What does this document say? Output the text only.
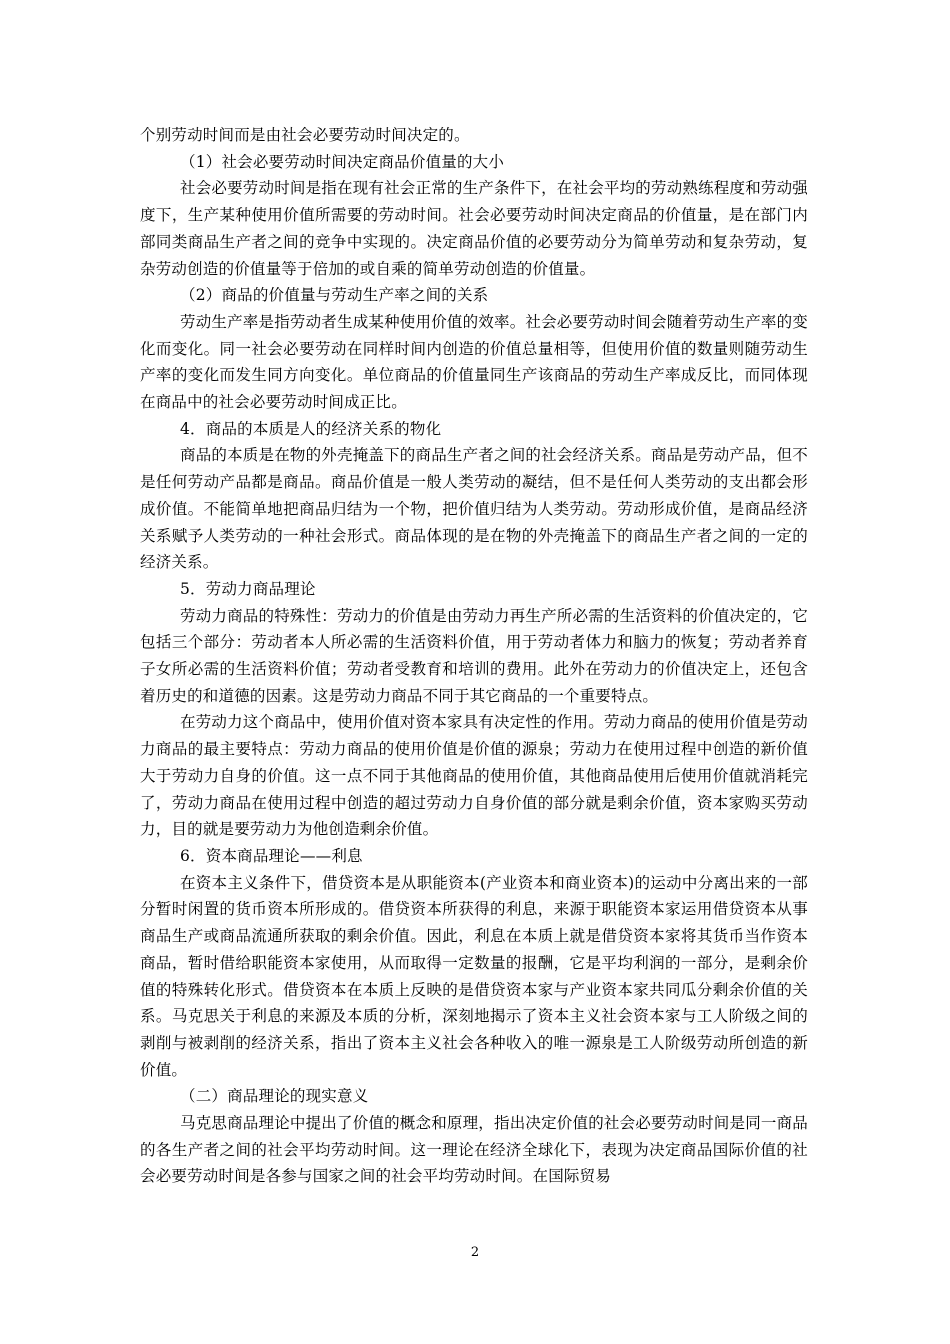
个别劳动时间而是由社会必要劳动时间决定的。

（1）社会必要劳动时间决定商品价值量的大小

社会必要劳动时间是指在现有社会正常的生产条件下，在社会平均的劳动熟练程度和劳动强度下，生产某种使用价值所需要的劳动时间。社会必要劳动时间决定商品的价值量，是在部门内部同类商品生产者之间的竞争中实现的。决定商品价值的必要劳动分为简单劳动和复杂劳动，复杂劳动创造的价值量等于倍加的或自乘的简单劳动创造的价值量。

（2）商品的价值量与劳动生产率之间的关系

劳动生产率是指劳动者生成某种使用价值的效率。社会必要劳动时间会随着劳动生产率的变化而变化。同一社会必要劳动在同样时间内创造的价值总量相等，但使用价值的数量则随劳动生产率的变化而发生同方向变化。单位商品的价值量同生产该商品的劳动生产率成反比，而同体现在商品中的社会必要劳动时间成正比。

4．商品的本质是人的经济关系的物化

商品的本质是在物的外壳掩盖下的商品生产者之间的社会经济关系。商品是劳动产品，但不是任何劳动产品都是商品。商品价值是一般人类劳动的凝结，但不是任何人类劳动的支出都会形成价值。不能简单地把商品归结为一个物，把价值归结为人类劳动。劳动形成价值，是商品经济关系赋予人类劳动的一种社会形式。商品体现的是在物的外壳掩盖下的商品生产者之间的一定的经济关系。

5．劳动力商品理论

劳动力商品的特殊性：劳动力的价值是由劳动力再生产所必需的生活资料的价值决定的，它包括三个部分：劳动者本人所必需的生活资料价值，用于劳动者体力和脑力的恢复；劳动者养育子女所必需的生活资料价值；劳动者受教育和培训的费用。此外在劳动力的价值决定上，还包含着历史的和道德的因素。这是劳动力商品不同于其它商品的一个重要特点。

在劳动力这个商品中，使用价值对资本家具有决定性的作用。劳动力商品的使用价值是劳动力商品的最主要特点：劳动力商品的使用价值是价值的源泉；劳动力在使用过程中创造的新价值大于劳动力自身的价值。这一点不同于其他商品的使用价值，其他商品使用后使用价值就消耗完了，劳动力商品在使用过程中创造的超过劳动力自身价值的部分就是剩余价值，资本家购买劳动力，目的就是要劳动力为他创造剩余价值。

6．资本商品理论——利息

在资本主义条件下，借贷资本是从职能资本(产业资本和商业资本)的运动中分离出来的一部分暂时闲置的货币资本所形成的。借贷资本所获得的利息，来源于职能资本家运用借贷资本从事商品生产或商品流通所获取的剩余价值。因此，利息在本质上就是借贷资本家将其货币当作资本商品，暂时借给职能资本家使用，从而取得一定数量的报酬，它是平均利润的一部分，是剩余价值的特殊转化形式。借贷资本在本质上反映的是借贷资本家与产业资本家共同瓜分剩余价值的关系。马克思关于利息的来源及本质的分析，深刻地揭示了资本主义社会资本家与工人阶级之间的剥削与被剥削的经济关系，指出了资本主义社会各种收入的唯一源泉是工人阶级劳动所创造的新价值。

（二）商品理论的现实意义

马克思商品理论中提出了价值的概念和原理，指出决定价值的社会必要劳动时间是同一商品的各生产者之间的社会平均劳动时间。这一理论在经济全球化下，表现为决定商品国际价值的社会必要劳动时间是各参与国家之间的社会平均劳动时间。在国际贸易

2
